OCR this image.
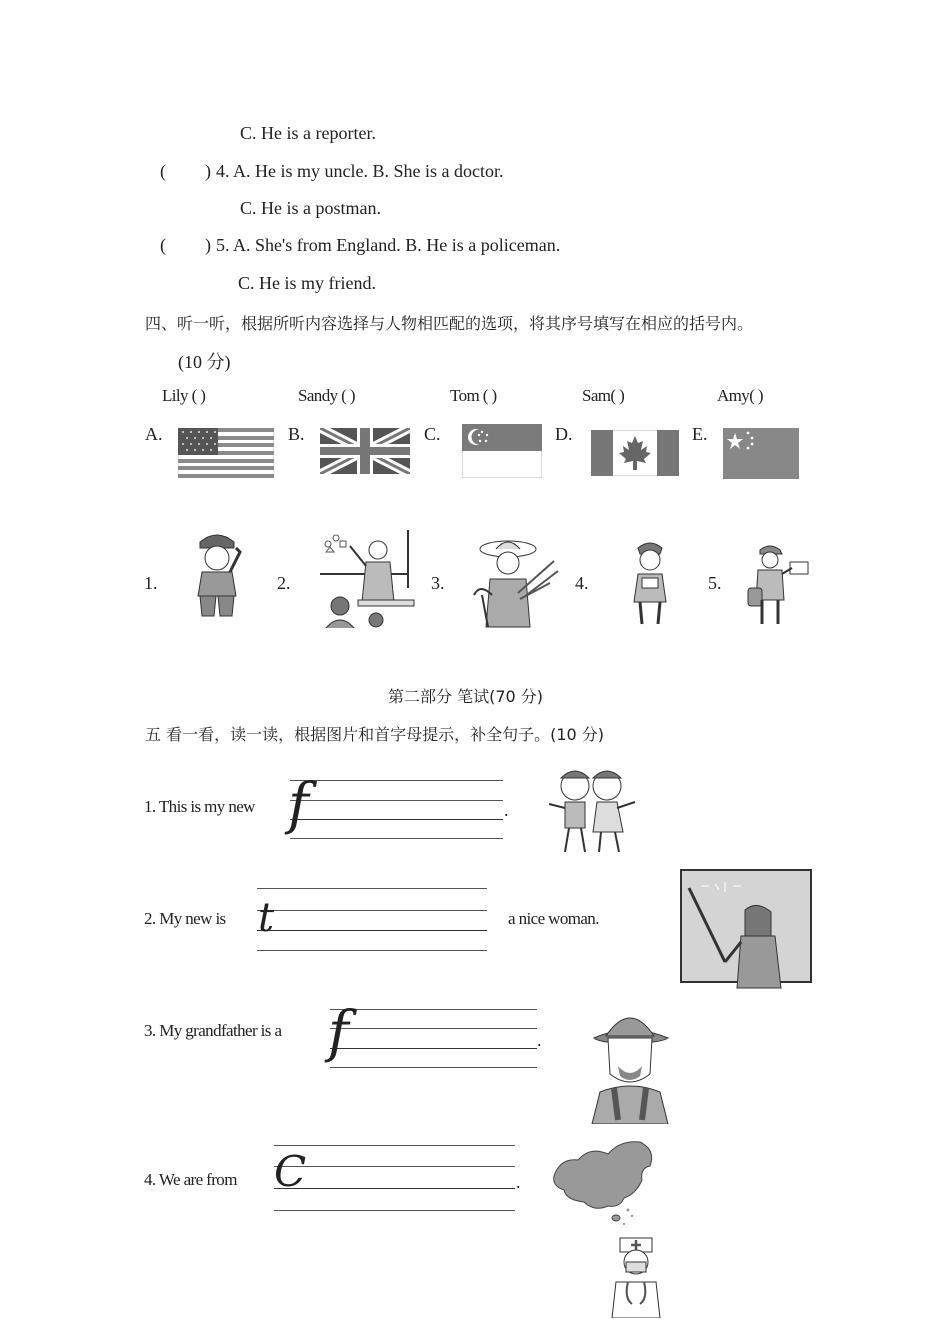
C. He is a reporter.
( ) 4. A. He is my uncle. B. She is a doctor.
C. He is a postman.
( ) 5. A. She's from England. B. He is a policeman.
C. He is my friend.
四、听一听，根据所听内容选择与人物相匹配的选项，将其序号填写在相应的括号内。
(10 分)
Lily ( )	Sandy ( )	Tom ( )	Sam( )	Amy( )
A.	B.	C.	D.	E.
1.	2.	3.	4.	5.
第二部分 笔试(70 分)
五 看一看，读一读，根据图片和首字母提示，补全句子。(10 分)
1. This is my new f	.
2. My new is t	a nice woman.
3. My grandfather is a f	.
4. We are from C	.
